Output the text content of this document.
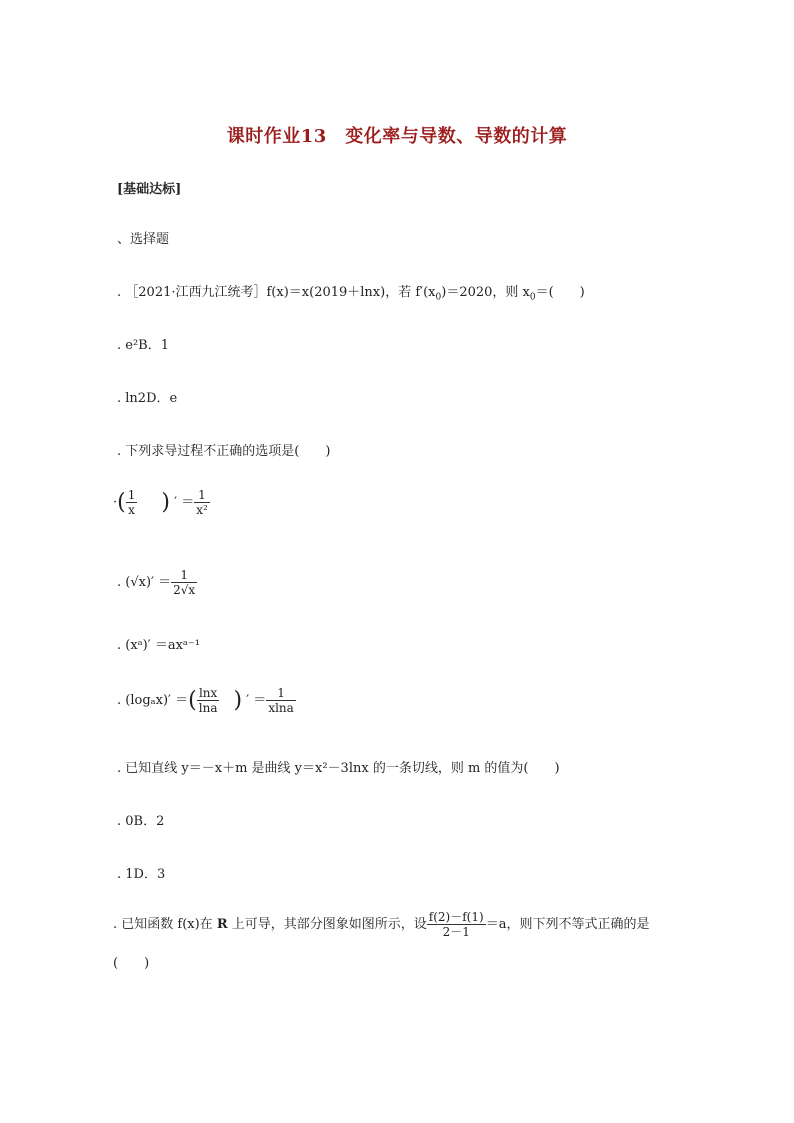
课时作业13　变化率与导数、导数的计算
[基础达标]
、选择题
. ［2021·江西九江统考］f(x)＝x(2019＋lnx)，若 $f'(x_0)=2020$，则 $x_0=$(　　)
. e²B．1
. ln2D．e
. 下列求导过程不正确的选项是(　　)
·( $\frac{1}{x}$ ) ′ ＝ $\frac{1}{\text{x²}}$
. $(√x)' = \frac{1}{2√x}$
. (xᵃ)′ ＝axᵃ⁻¹
. (logₐx)′ ＝( $\frac{\ln x}{\ln a}$ ) ′ ＝ $\frac{1}{xlna}$
. 已知直线 y＝－x＋m 是曲线 y＝x²－3lnx 的一条切线，则 m 的值为(　　)
. 0B．2
. 1D．3
. 已知函数 f(x)在 R 上可导，其部分图象如图所示，设 $\frac{f(2)-f(1)}{2-1} =a$，则下列不等式正确的是
(　　)
